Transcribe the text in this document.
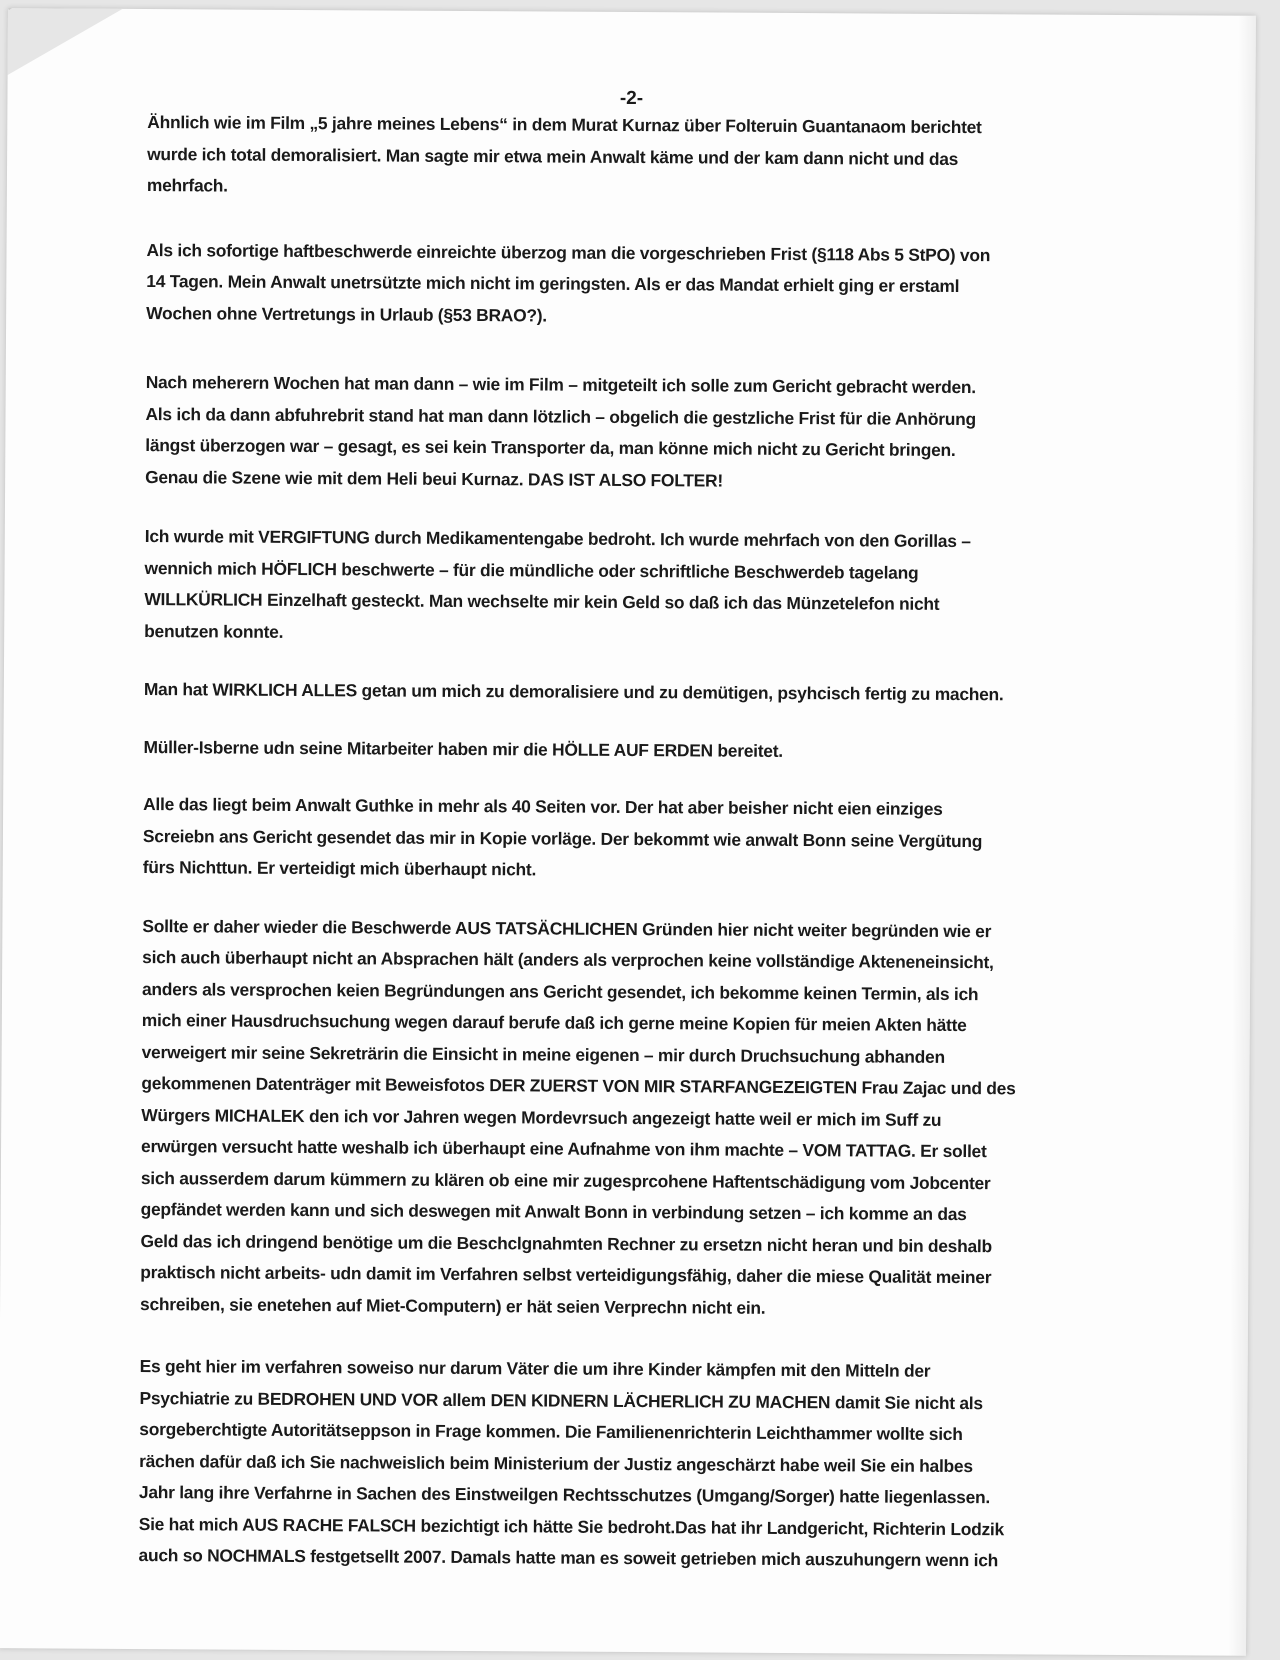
-2-
Ähnlich wie im Film „5 jahre meines Lebens“ in dem Murat Kurnaz über Folteruin Guantanaom berichtet
wurde ich total demoralisiert. Man sagte mir etwa mein Anwalt käme und der kam dann nicht und das
mehrfach.
Als ich sofortige haftbeschwerde einreichte überzog man die vorgeschrieben Frist (§118 Abs 5 StPO) von
14 Tagen. Mein Anwalt unetrsützte mich nicht im geringsten. Als er das Mandat erhielt ging er erstaml
Wochen ohne Vertretungs in Urlaub (§53 BRAO?).
Nach meherern Wochen hat man dann – wie im Film – mitgeteilt ich solle zum Gericht gebracht werden.
Als ich da dann abfuhrebrit stand hat man dann lötzlich – obgelich die gestzliche Frist für die Anhörung
längst überzogen war – gesagt, es sei kein Transporter da, man könne mich nicht zu Gericht bringen.
Genau die Szene wie mit dem Heli beui Kurnaz. DAS IST ALSO FOLTER!
Ich wurde mit VERGIFTUNG durch Medikamentengabe bedroht. Ich wurde mehrfach von den Gorillas –
wennich mich HÖFLICH beschwerte – für die mündliche oder schriftliche Beschwerdeb tagelang
WILLKÜRLICH Einzelhaft gesteckt. Man wechselte mir kein Geld so daß ich das Münzetelefon nicht
benutzen konnte.
Man hat WIRKLICH ALLES getan um mich zu demoralisiere und zu demütigen, psyhcisch fertig zu machen.
Müller-Isberne udn seine Mitarbeiter haben mir die HÖLLE AUF ERDEN bereitet.
Alle das liegt beim Anwalt Guthke in mehr als 40 Seiten vor. Der hat aber beisher nicht eien einziges
Screiebn ans Gericht gesendet das mir in Kopie vorläge. Der bekommt wie anwalt Bonn seine Vergütung
fürs Nichttun. Er verteidigt mich überhaupt nicht.
Sollte er daher wieder die Beschwerde AUS TATSÄCHLICHEN Gründen hier nicht weiter begründen wie er
sich auch überhaupt nicht an Absprachen hält (anders als verprochen keine vollständige Akteneneinsicht,
anders als versprochen keien Begründungen ans Gericht gesendet, ich bekomme keinen Termin, als ich
mich einer Hausdruchsuchung wegen darauf berufe daß ich gerne meine Kopien für meien Akten hätte
verweigert mir seine Sekreträrin die Einsicht in meine eigenen – mir durch Druchsuchung abhanden
gekommenen Datenträger mit Beweisfotos DER ZUERST VON MIR STARFANGEZEIGTEN Frau Zajac und des
Würgers MICHALEK den ich vor Jahren wegen Mordevrsuch angezeigt hatte weil er mich im Suff zu
erwürgen versucht hatte weshalb ich überhaupt eine Aufnahme von ihm machte – VOM TATTAG. Er sollet
sich ausserdem darum kümmern zu klären ob eine mir zugesprcohene Haftentschädigung vom Jobcenter
gepfändet werden kann und sich deswegen mit Anwalt Bonn in verbindung setzen – ich komme an das
Geld das ich dringend benötige um die Beschclgnahmten Rechner zu ersetzn nicht heran und bin deshalb
praktisch nicht arbeits- udn damit im Verfahren selbst verteidigungsfähig, daher die miese Qualität meiner
schreiben, sie enetehen auf Miet-Computern) er hät seien Verprechn nicht ein.
Es geht hier im verfahren soweiso nur darum Väter die um ihre Kinder kämpfen mit den Mitteln der
Psychiatrie zu BEDROHEN UND VOR allem DEN KIDNERN LÄCHERLICH ZU MACHEN damit Sie nicht als
sorgeberchtigte Autoritätsepрson in Frage kommen. Die Familienenrichterin Leichthammer wollte sich
rächen dafür daß ich Sie nachweislich beim Ministerium der Justiz angeschärzt habe weil Sie ein halbes
Jahr lang ihre Verfahrne in Sachen des Einstweilgen Rechtsschutzes (Umgang/Sorger) hatte liegenlassen.
Sie hat mich AUS RACHE FALSCH bezichtigt ich hätte Sie bedroht.Das hat ihr Landgericht, Richterin Lodzik
auch so NOCHMALS festgetsellt 2007. Damals hatte man es soweit getrieben mich auszuhungern wenn ich
